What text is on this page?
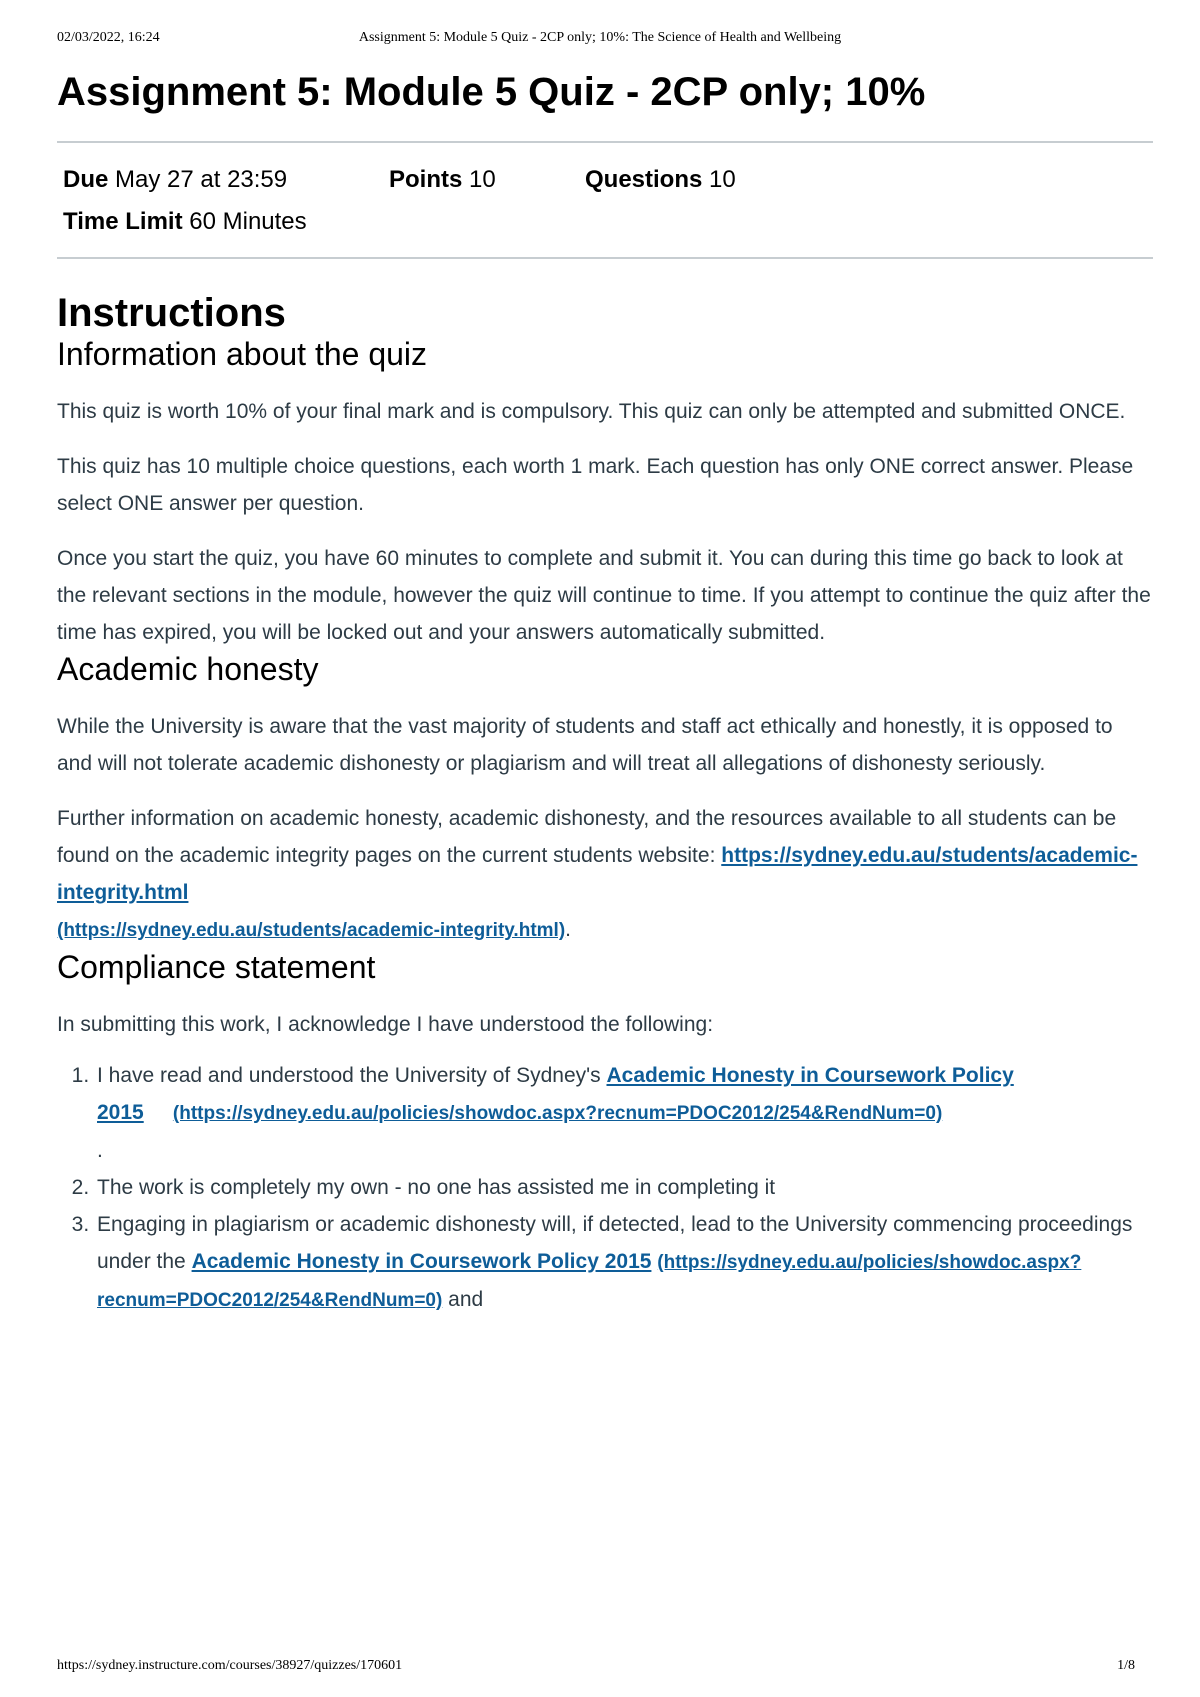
02/03/2022, 16:24	Assignment 5: Module 5 Quiz - 2CP only; 10%: The Science of Health and Wellbeing
Assignment 5: Module 5 Quiz - 2CP only; 10%
Due May 27 at 23:59	Points 10	Questions 10
Time Limit 60 Minutes
Instructions
Information about the quiz

This quiz is worth 10% of your final mark and is compulsory. This quiz can only be attempted and submitted ONCE.

This quiz has 10 multiple choice questions, each worth 1 mark. Each question has only ONE correct answer. Please select ONE answer per question.

Once you start the quiz, you have 60 minutes to complete and submit it. You can during this time go back to look at the relevant sections in the module, however the quiz will continue to time. If you attempt to continue the quiz after the time has expired, you will be locked out and your answers automatically submitted.

Academic honesty

While the University is aware that the vast majority of students and staff act ethically and honestly, it is opposed to and will not tolerate academic dishonesty or plagiarism and will treat all allegations of dishonesty seriously.

Further information on academic honesty, academic dishonesty, and the resources available to all students can be found on the academic integrity pages on the current students website: https://sydney.edu.au/students/academic-integrity.html
(https://sydney.edu.au/students/academic-integrity.html).

Compliance statement

In submitting this work, I acknowledge I have understood the following:

1. I have read and understood the University of Sydney's Academic Honesty in Coursework Policy 2015 (https://sydney.edu.au/policies/showdoc.aspx?recnum=PDOC2012/254&RendNum=0)
.
2. The work is completely my own - no one has assisted me in completing it
3. Engaging in plagiarism or academic dishonesty will, if detected, lead to the University commencing proceedings under the Academic Honesty in Coursework Policy 2015 (https://sydney.edu.au/policies/showdoc.aspx?recnum=PDOC2012/254&RendNum=0) and
https://sydney.instructure.com/courses/38927/quizzes/170601	1/8
